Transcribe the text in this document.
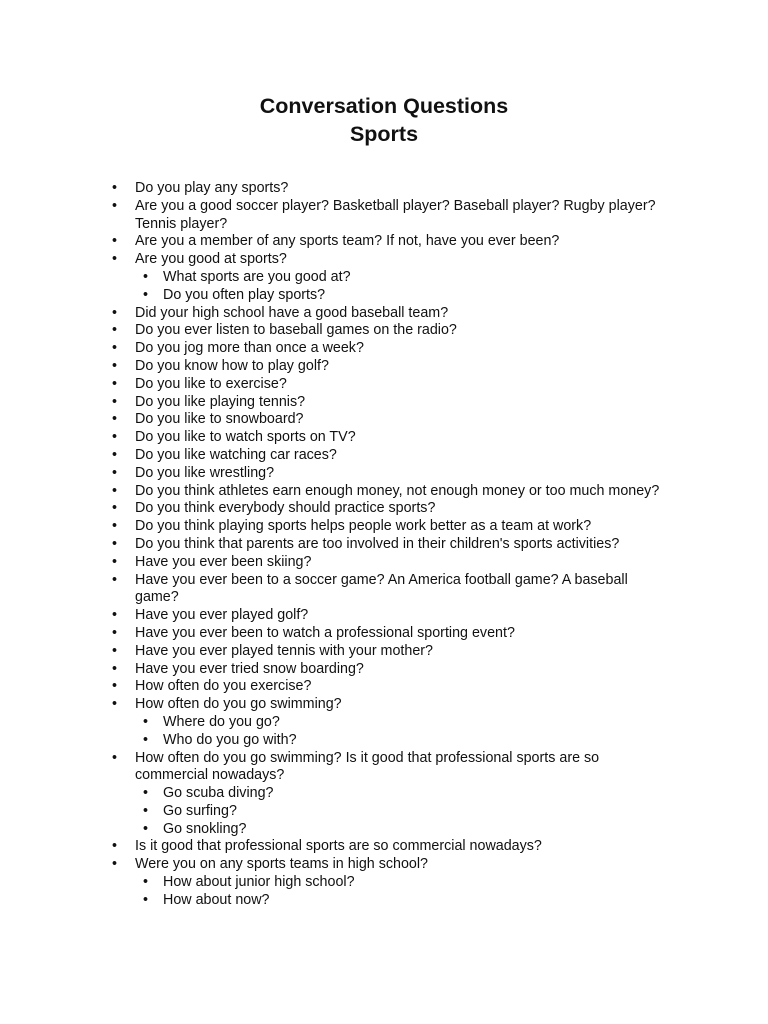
Conversation Questions
Sports
• Do you play any sports?
• Are you a good soccer player? Basketball player? Baseball player? Rugby player? Tennis player?
• Are you a member of any sports team? If not, have you ever been?
• Are you good at sports?
• What sports are you good at?
• Do you often play sports?
• Did your high school have a good baseball team?
• Do you ever listen to baseball games on the radio?
• Do you jog more than once a week?
• Do you know how to play golf?
• Do you like to exercise?
• Do you like playing tennis?
• Do you like to snowboard?
• Do you like to watch sports on TV?
• Do you like watching car races?
• Do you like wrestling?
• Do you think athletes earn enough money, not enough money or too much money?
• Do you think everybody should practice sports?
• Do you think playing sports helps people work better as a team at work?
• Do you think that parents are too involved in their children's sports activities?
• Have you ever been skiing?
• Have you ever been to a soccer game? An America football game? A baseball game?
• Have you ever played golf?
• Have you ever been to watch a professional sporting event?
• Have you ever played tennis with your mother?
• Have you ever tried snow boarding?
• How often do you exercise?
• How often do you go swimming?
• Where do you go?
• Who do you go with?
• How often do you go swimming? Is it good that professional sports are so commercial nowadays?
• Go scuba diving?
• Go surfing?
• Go snokling?
• Is it good that professional sports are so commercial nowadays?
• Were you on any sports teams in high school?
• How about junior high school?
• How about now?
